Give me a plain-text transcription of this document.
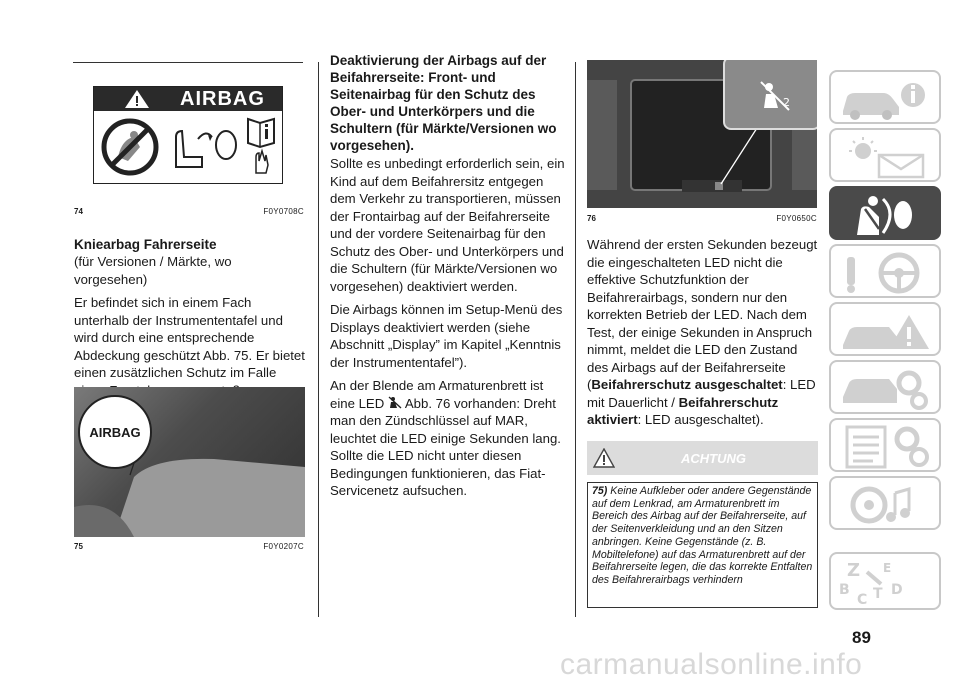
AIRBAG
74	F0Y0708C
Kniearbag Fahrerseite

(für Versionen / Märkte, wo vorgesehen)

Er befindet sich in einem Fach unterhalb der Instrumententafel und wird durch eine entsprechende Abdeckung geschützt Abb. 75. Er bietet einen zusätzlichen Schutz im Falle

AIRBAG
75	F0Y0207C
Deaktivierung der Airbags auf der Beifahrerseite: Front- und Seitenairbag für den Schutz des Ober- und Unterkörpers und die Schultern (für Märkte/Versionen wo vorgesehen).

Sollte es unbedingt erforderlich sein, ein Kind auf dem Beifahrersitz entgegen dem Verkehr zu transportieren, müssen der Frontairbag auf der Beifahrerseite und der vordere Seitenairbag für den Schutz des Ober- und Unterkörpers und die Schultern (für Märkte/Versionen wo vorgesehen) deaktiviert werden.

Die Airbags können im Setup-Menü des Displays deaktiviert werden (siehe Abschnitt „Display” im Kapitel „Kenntnis der Instrumententafel”).

An der Blende am Armaturenbrett ist eine LED Abb. 76 vorhanden: Dreht man den Zündschlüssel auf MAR, leuchtet die LED einige Sekunden lang. Sollte die LED nicht unter diesen Bedingungen funktionieren, das Fiat-Servicenetz aufsuchen.

2
76	F0Y0650C

Während der ersten Sekunden bezeugt die eingeschalteten LED nicht die effektive Schutzfunktion der Beifahrerairbags, sondern nur den korrekten Betrieb der LED. Nach dem Test, der einige Sekunden in Anspruch nimmt, meldet die LED den Zustand des Airbags auf der Beifahrerseite (Beifahrerschutz ausgeschaltet: LED mit Dauerlicht / Beifahrerschutz aktiviert: LED ausgeschaltet).

ACHTUNG
75) Keine Aufkleber oder andere Gegenstände auf dem Lenkrad, am Armaturenbrett im Bereich des Airbag auf der Beifahrerseite, auf der Seitenverkleidung und an den Sitzen anbringen. Keine Gegenstände (z. B. Mobiltelefone) auf das Armaturenbrett auf der Beifahrerseite legen, die das korrekte Entfalten des Beifahrerairbags verhindern	Z E
B
C T D
89
carmanualsonline.info
